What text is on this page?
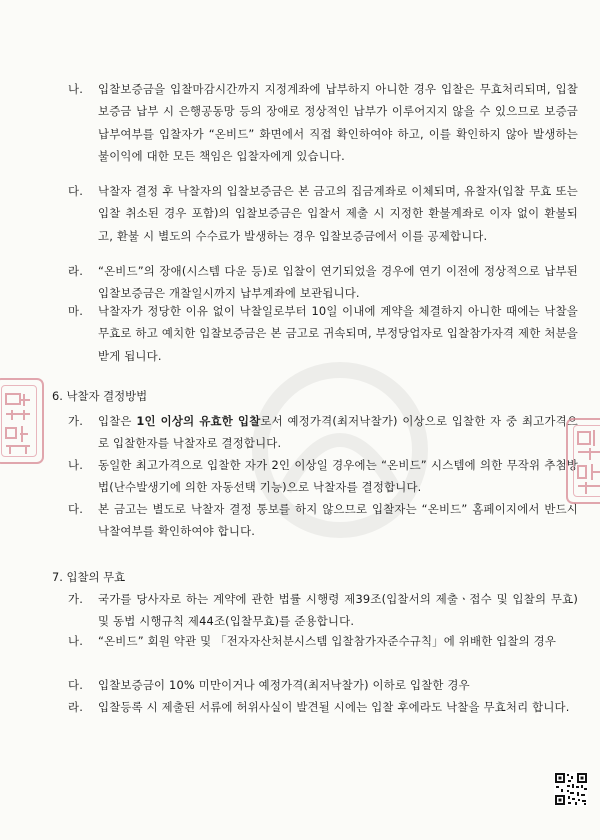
나.	입찰보증금을 입찰마감시간까지 지정계좌에 납부하지 아니한 경우 입찰은 무효처리되며, 입찰보증금 납부 시 은행공동망 등의 장애로 정상적인 납부가 이루어지지 않을 수 있으므로 보증금 납부여부를 입찰자가 “온비드” 화면에서 직접 확인하여야 하고, 이를 확인하지 않아 발생하는 불이익에 대한 모든 책임은 입찰자에게 있습니다.
다.	낙찰자 결정 후 낙찰자의 입찰보증금은 본 금고의 집금계좌로 이체되며, 유찰자(입찰 무효 또는 입찰 취소된 경우 포함)의 입찰보증금은 입찰서 제출 시 지정한 환불계좌로 이자 없이 환불되고, 환불 시 별도의 수수료가 발생하는 경우 입찰보증금에서 이를 공제합니다.
라.	“온비드”의 장애(시스템 다운 등)로 입찰이 연기되었을 경우에 연기 이전에 정상적으로 납부된 입찰보증금은 개찰일시까지 납부계좌에 보관됩니다.
마.	낙찰자가 정당한 이유 없이 낙찰일로부터 10일 이내에 계약을 체결하지 아니한 때에는 낙찰을 무효로 하고 예치한 입찰보증금은 본 금고로 귀속되며, 부정당업자로 입찰참가자격 제한 처분을 받게 됩니다.
6. 낙찰자 결정방법
가.	입찰은 1인 이상의 유효한 입찰로서 예정가격(최저낙찰가) 이상으로 입찰한 자 중 최고가격으로 입찰한자를 낙찰자로 결정합니다.
나.	동일한 최고가격으로 입찰한 자가 2인 이상일 경우에는 “온비드” 시스템에 의한 무작위 추첨방법(난수발생기에 의한 자동선택 기능)으로 낙찰자를 결정합니다.
다.	본 금고는 별도로 낙찰자 결정 통보를 하지 않으므로 입찰자는 “온비드” 홈페이지에서 반드시 낙찰여부를 확인하여야 합니다.
7. 입찰의 무효
가.	국가를 당사자로 하는 계약에 관한 법률 시행령 제39조(입찰서의 제출ㆍ접수 및 입찰의 무효) 및 동법 시행규칙 제44조(입찰무효)를 준용합니다.
나.	“온비드” 회원 약관 및 「전자자산처분시스템 입찰참가자준수규칙」에 위배한 입찰의 경우
다.	입찰보증금이 10% 미만이거나 예정가격(최저낙찰가) 이하로 입찰한 경우
라.	입찰등록 시 제출된 서류에 허위사실이 발견될 시에는 입찰 후에라도 낙찰을 무효처리 합니다.
